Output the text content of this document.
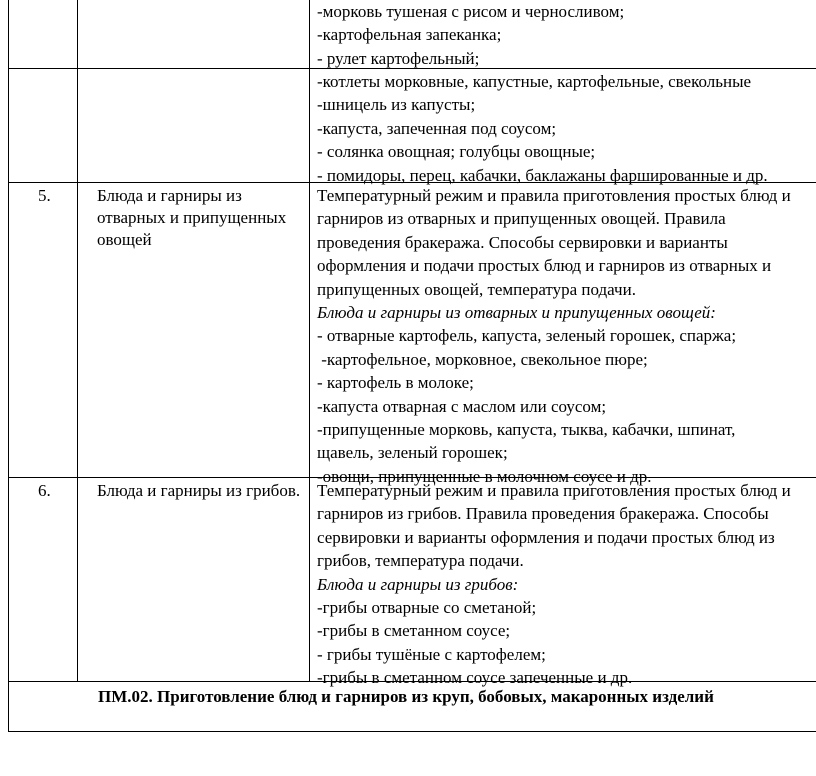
-морковь тушеная с рисом и черносливом;
-картофельная запеканка;
- рулет картофельный;
-котлеты морковные, капустные, картофельные, свекольные
-шницель из капусты;
-капуста, запеченная под соусом;
- солянка овощная; голубцы овощные;
- помидоры, перец, кабачки, баклажаны фаршированные и др.
5.	Блюда и гарниры из отварных и припущенных овощей
Температурный режим и правила приготовления простых блюд и
гарниров из отварных и припущенных овощей. Правила
проведения бракеража. Способы сервировки и варианты
оформления и подачи простых блюд и гарниров из отварных и
припущенных овощей, температура подачи.
Блюда и гарниры из отварных и припущенных овощей:
- отварные картофель, капуста, зеленый горошек, спаржа;
-картофельное, морковное, свекольное пюре;
- картофель в молоке;
-капуста отварная с маслом или соусом;
-припущенные морковь, капуста, тыква, кабачки, шпинат,
щавель, зеленый горошек;
-овощи, припущенные в молочном соусе и др.
6.	Блюда и гарниры из грибов. Температурный режим и правила приготовления простых блюд и
гарниров из грибов. Правила проведения бракеража. Способы
сервировки и варианты оформления и подачи простых блюд из
грибов, температура подачи.
Блюда и гарниры из грибов:
-грибы отварные со сметаной;
-грибы в сметанном соусе;
- грибы тушёные с картофелем;
-грибы в сметанном соусе запеченные и др.
ПМ.02. Приготовление блюд и гарниров из круп, бобовых, макаронных изделий
